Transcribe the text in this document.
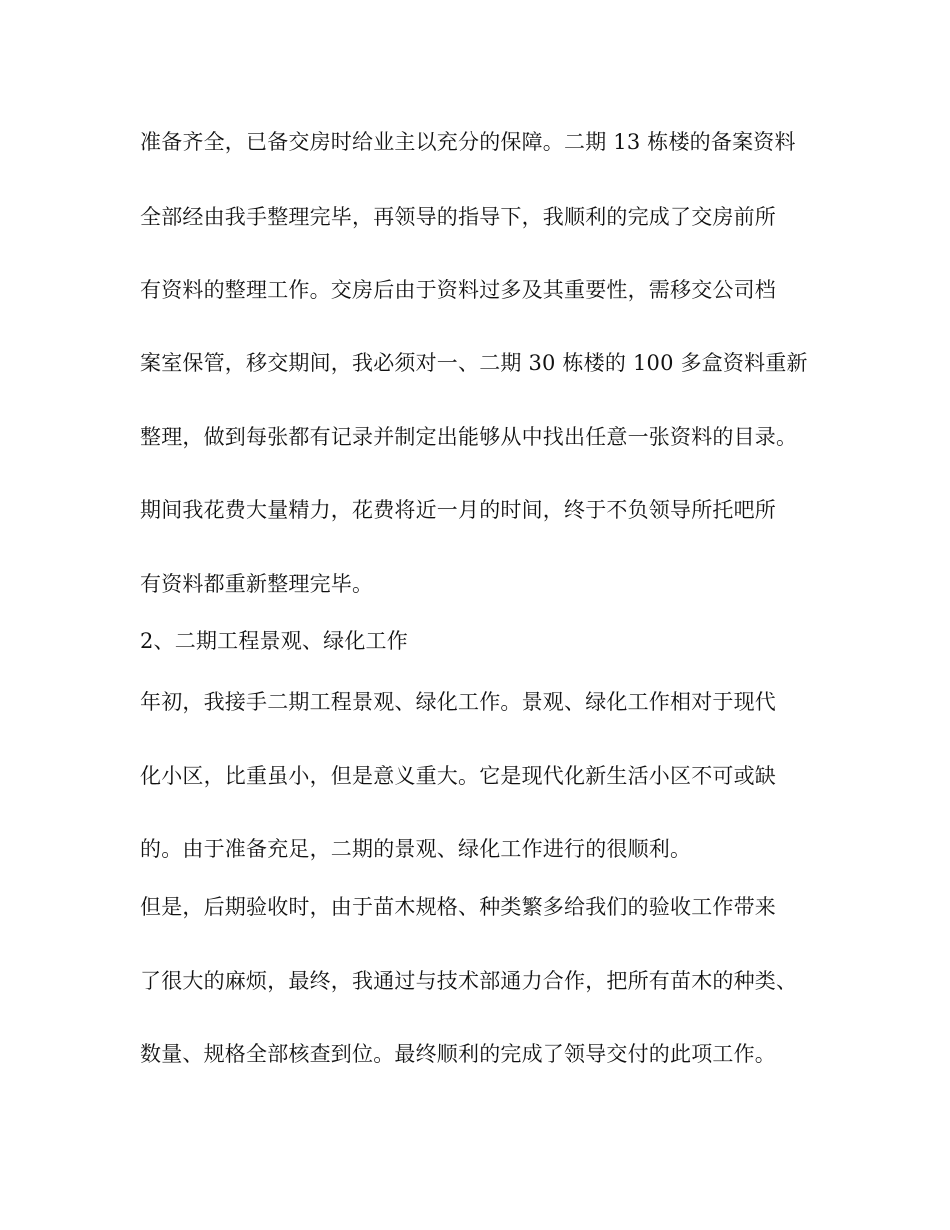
准备齐全，已备交房时给业主以充分的保障。二期 13 栋楼的备案资料
全部经由我手整理完毕，再领导的指导下，我顺利的完成了交房前所
有资料的整理工作。交房后由于资料过多及其重要性，需移交公司档
案室保管，移交期间，我必须对一、二期 30 栋楼的 100 多盒资料重新
整理，做到每张都有记录并制定出能够从中找出任意一张资料的目录。
期间我花费大量精力，花费将近一月的时间，终于不负领导所托吧所
有资料都重新整理完毕。
2、二期工程景观、绿化工作
年初，我接手二期工程景观、绿化工作。景观、绿化工作相对于现代
化小区，比重虽小，但是意义重大。它是现代化新生活小区不可或缺
的。由于准备充足，二期的景观、绿化工作进行的很顺利。
但是，后期验收时，由于苗木规格、种类繁多给我们的验收工作带来
了很大的麻烦，最终，我通过与技术部通力合作，把所有苗木的种类、
数量、规格全部核查到位。最终顺利的完成了领导交付的此项工作。
